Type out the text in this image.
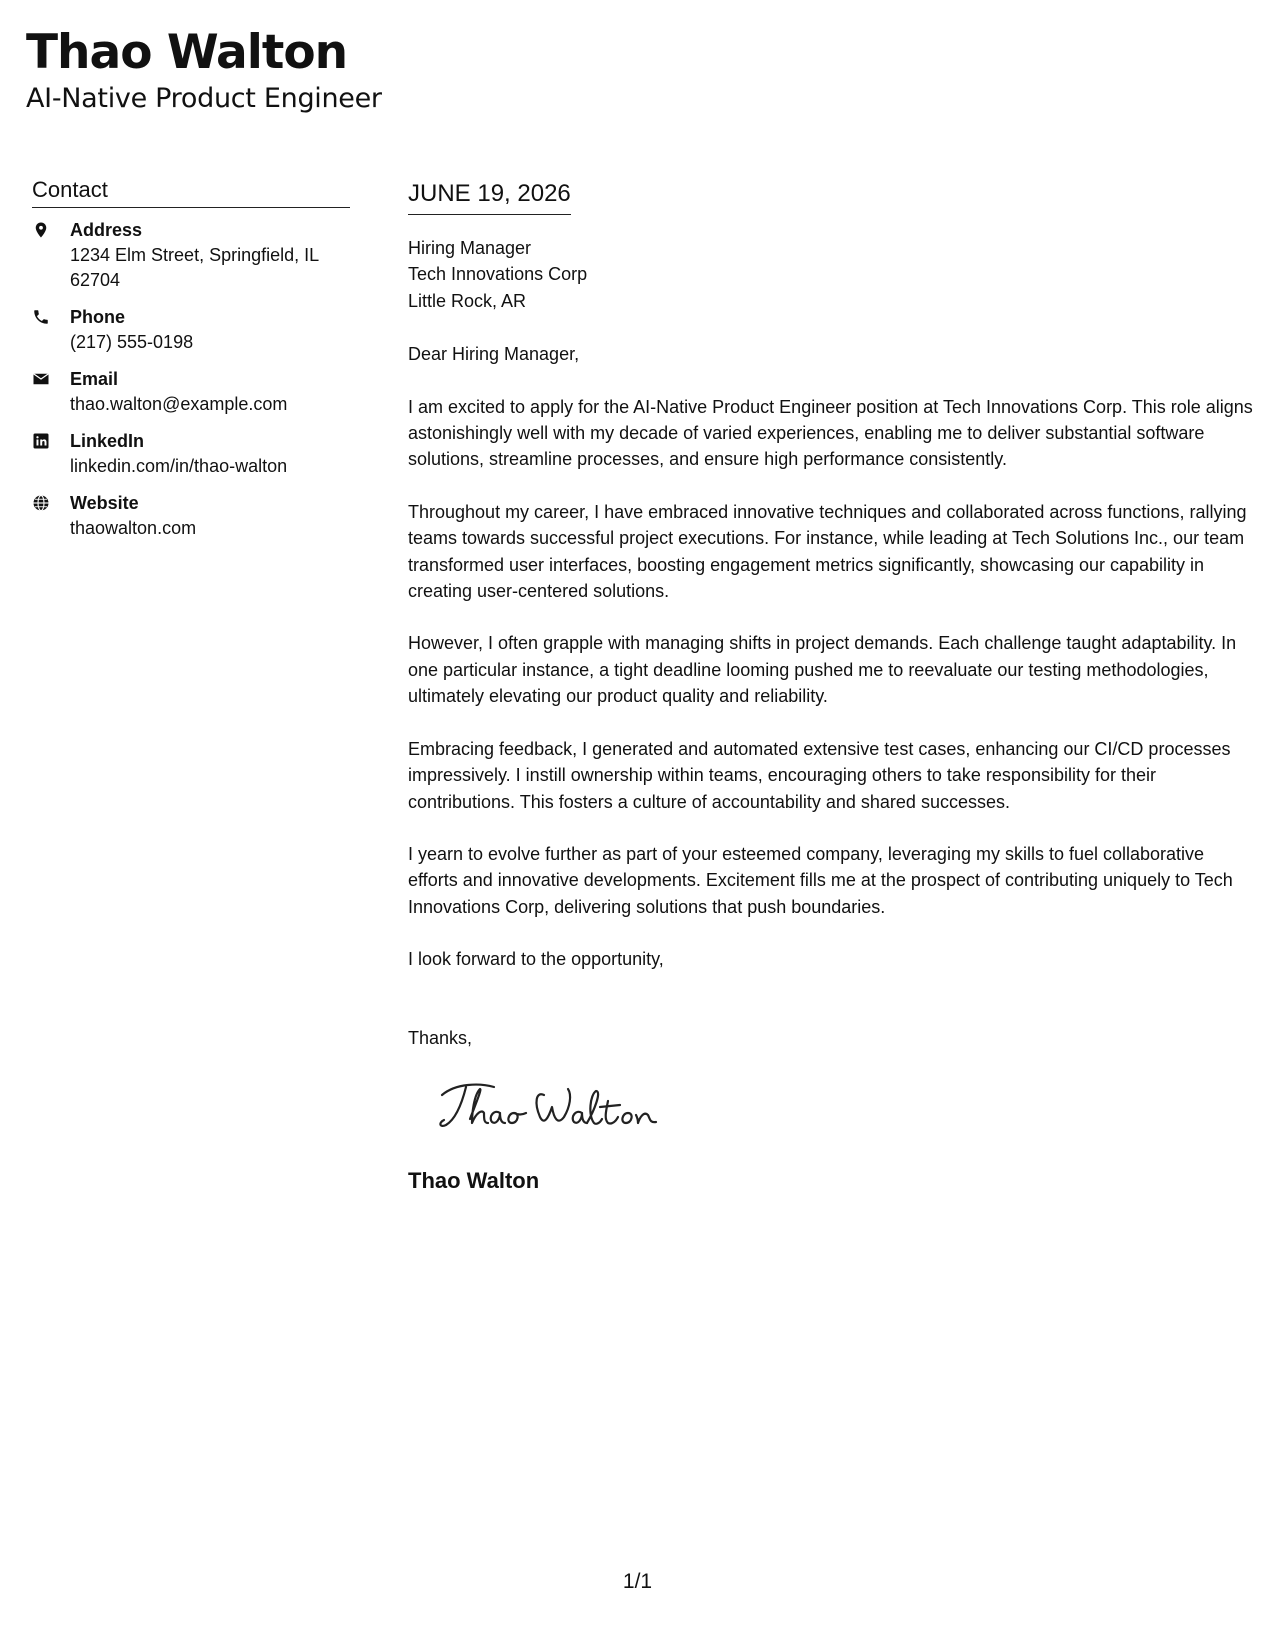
Thao Walton
AI-Native Product Engineer
Contact
Address
1234 Elm Street, Springfield, IL 62704
Phone
(217) 555-0198
Email
thao.walton@example.com
LinkedIn
linkedin.com/in/thao-walton
Website
thaowalton.com
JUNE 19, 2026
Hiring Manager
Tech Innovations Corp
Little Rock, AR
Dear Hiring Manager,

I am excited to apply for the AI-Native Product Engineer position at Tech Innovations Corp. This role aligns astonishingly well with my decade of varied experiences, enabling me to deliver substantial software solutions, streamline processes, and ensure high performance consistently.

Throughout my career, I have embraced innovative techniques and collaborated across functions, rallying teams towards successful project executions. For instance, while leading at Tech Solutions Inc., our team transformed user interfaces, boosting engagement metrics significantly, showcasing our capability in creating user-centered solutions.

However, I often grapple with managing shifts in project demands. Each challenge taught adaptability. In one particular instance, a tight deadline looming pushed me to reevaluate our testing methodologies, ultimately elevating our product quality and reliability.

Embracing feedback, I generated and automated extensive test cases, enhancing our CI/CD processes impressively. I instill ownership within teams, encouraging others to take responsibility for their contributions. This fosters a culture of accountability and shared successes.

I yearn to evolve further as part of your esteemed company, leveraging my skills to fuel collaborative efforts and innovative developments. Excitement fills me at the prospect of contributing uniquely to Tech Innovations Corp, delivering solutions that push boundaries.

I look forward to the opportunity,
Thanks,
Thao Walton
1/1
